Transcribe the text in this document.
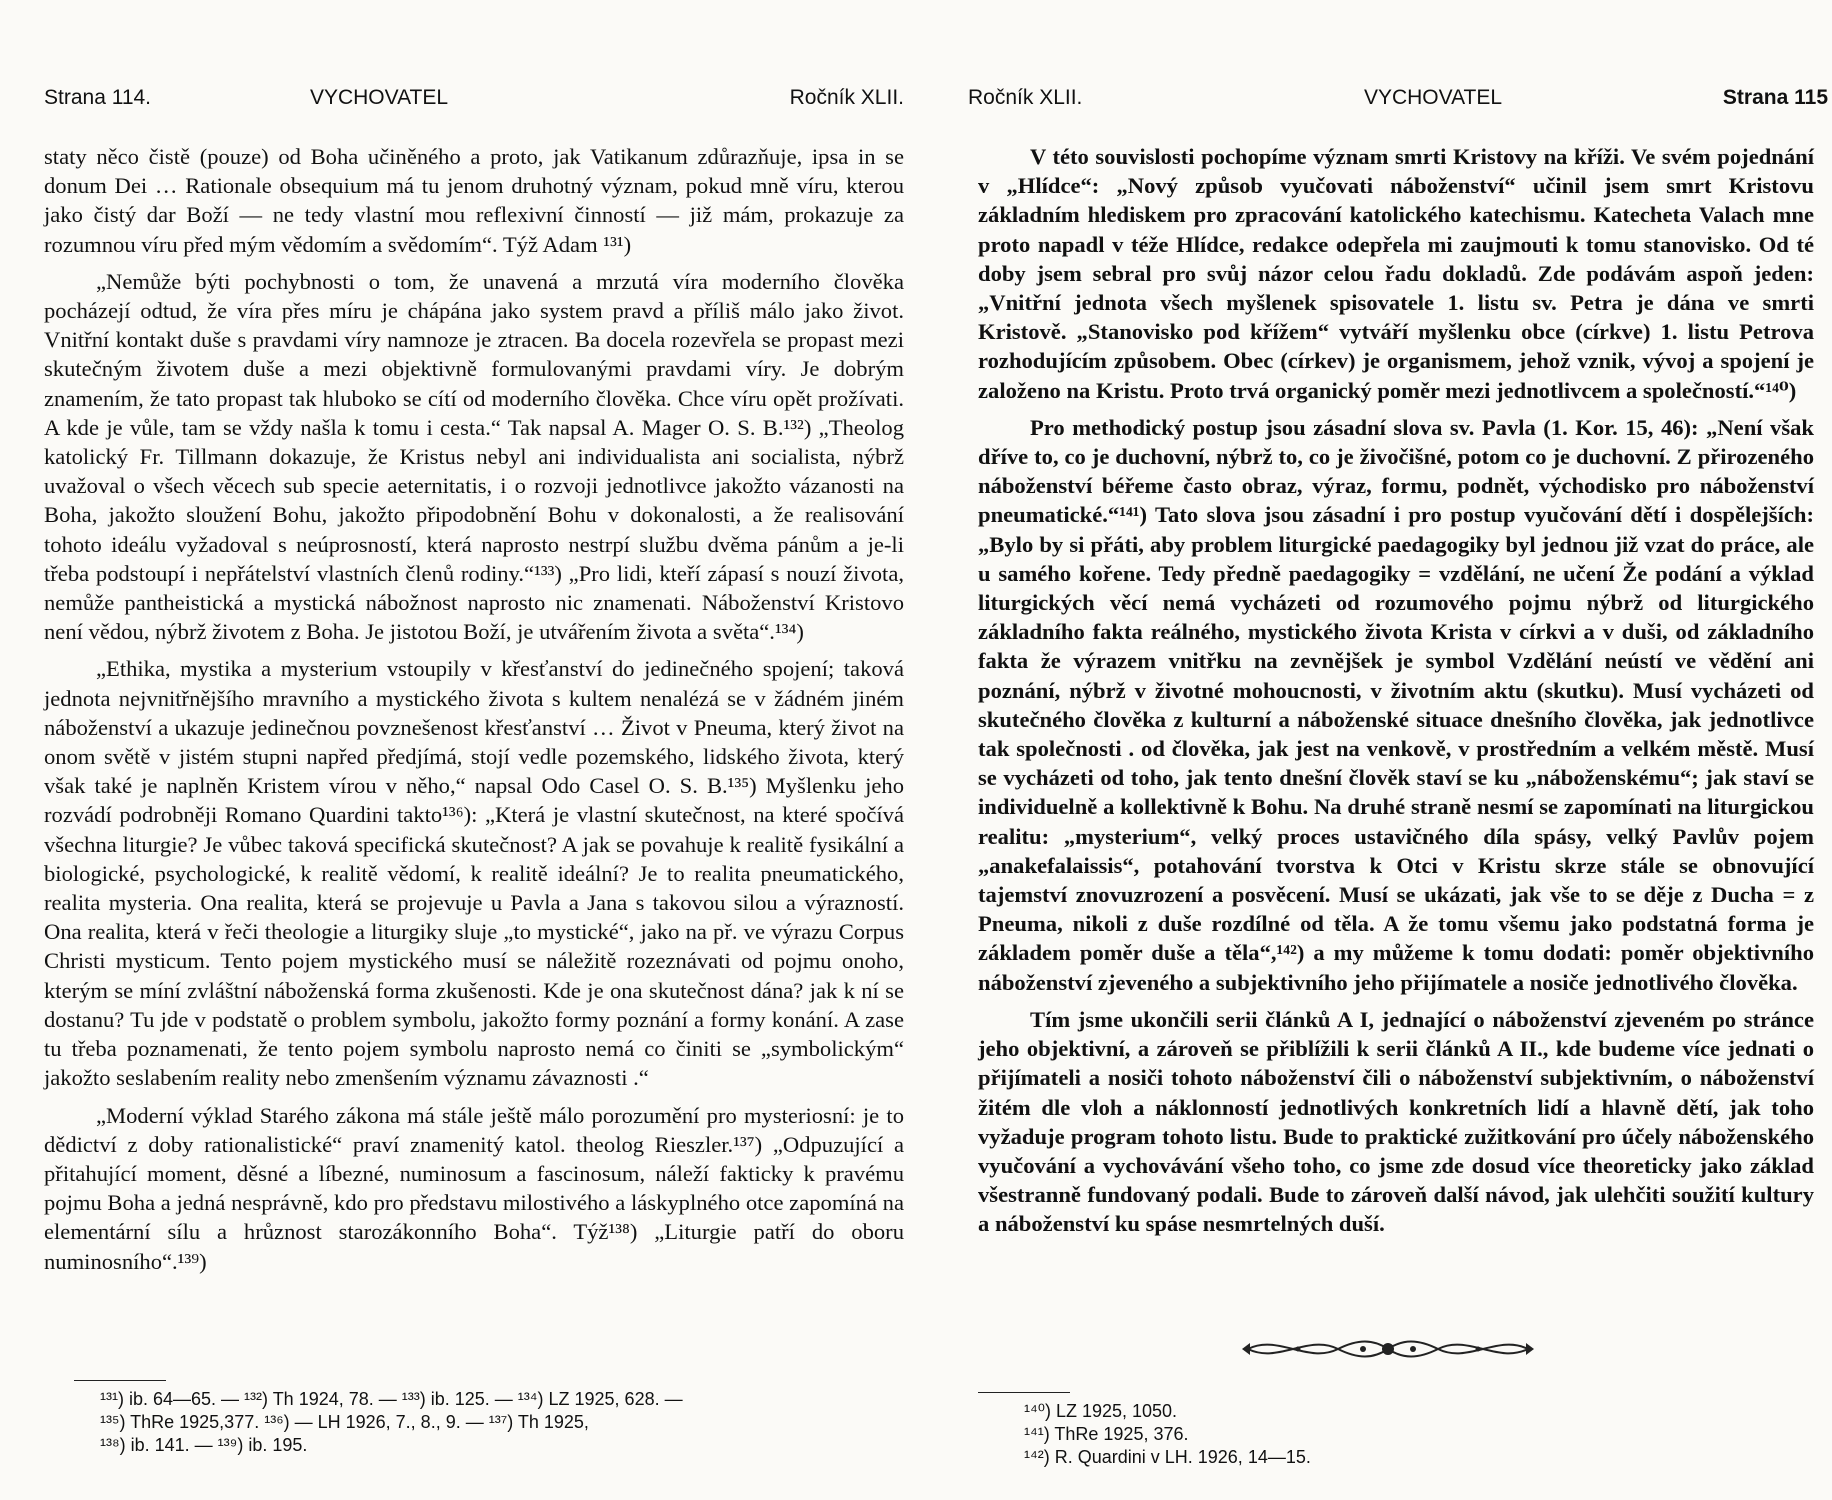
Strana 114.	VYCHOVATEL	Ročník XLII.

staty něco čistě (pouze) od Boha učiněného a proto, jak Vatikanum zdůrazňuje, ipsa in se donum Dei … Rationale obsequium má tu jenom druhotný význam, pokud mně víru, kterou jako čistý dar Boží — ne tedy vlastní mou reflexivní činností — již mám, prokazuje za rozumnou víru před mým vědomím a svědomím“. Týž Adam ¹³¹)

„Nemůže býti pochybnosti o tom, že unavená a mrzutá víra moderního člověka pocházejí odtud, že víra přes míru je chápána jako system pravd a příliš málo jako život. Vnitřní kontakt duše s pravdami víry namnoze je ztracen. Ba docela rozevřela se propast mezi skutečným životem duše a mezi objektivně formulovanými pravdami víry. Je dobrým znamením, že tato propast tak hluboko se cítí od moderního člověka. Chce víru opět prožívati. A kde je vůle, tam se vždy našla k tomu i cesta.“ Tak napsal A. Mager O. S. B.¹³²) „Theolog katolický Fr. Tillmann dokazuje, že Kristus nebyl ani individualista ani socialista, nýbrž uvažoval o všech věcech sub specie aeternitatis, i o rozvoji jednotlivce jakožto vázanosti na Boha, jakožto sloužení Bohu, jakožto připodobnění Bohu v dokonalosti, a že realisování tohoto ideálu vyžadoval s neúprosností, která naprosto nestrpí službu dvěma pánům a je-li třeba podstoupí i nepřátelství vlastních členů rodiny.“¹³³) „Pro lidi, kteří zápasí s nouzí života, nemůže pantheistická a mystická nábožnost naprosto nic znamenati. Náboženství Kristovo není vědou, nýbrž životem z Boha. Je jistotou Boží, je utvářením života a světa“.¹³⁴)

„Ethika, mystika a mysterium vstoupily v křesťanství do jedinečného spojení; taková jednota nejvnitřnějšího mravního a mystického života s kultem nenalézá se v žádném jiném náboženství a ukazuje jedinečnou povznešenost křesťanství … Život v Pneuma, který život na onom světě v jistém stupni napřed předjímá, stojí vedle pozemského, lidského života, který však také je naplněn Kristem vírou v něho,“ napsal Odo Casel O. S. B.¹³⁵) Myšlenku jeho rozvádí podrobněji Romano Quardini takto¹³⁶): „Která je vlastní skutečnost, na které spočívá všechna liturgie? Je vůbec taková specifická skutečnost? A jak se povahuje k realitě fysikální a biologické, psychologické, k realitě vědomí, k realitě ideální? Je to realita pneumatického, realita mysteria. Ona realita, která se projevuje u Pavla a Jana s takovou silou a výrazností. Ona realita, která v řeči theologie a liturgiky sluje „to mystické“, jako na př. ve výrazu Corpus Christi mysticum. Tento pojem mystického musí se náležitě rozeznávati od pojmu onoho, kterým se míní zvláštní náboženská forma zkušenosti. Kde je ona skutečnost dána? jak k ní se dostanu? Tu jde v podstatě o problem symbolu, jakožto formy poznání a formy konání. A zase tu třeba poznamenati, že tento pojem symbolu naprosto nemá co činiti se „symbolickým“ jakožto seslabením reality nebo zmenšením významu závaznosti .“

„Moderní výklad Starého zákona má stále ještě málo porozumění pro mysteriosní: je to dědictví z doby rationalistické“ praví znamenitý katol. theolog Rieszler.¹³⁷) „Odpuzující a přitahující moment, děsné a líbezné, numinosum a fascinosum, náleží fakticky k pravému pojmu Boha a jedná nesprávně, kdo pro představu milostivého a láskyplného otce zapomíná na elementární sílu a hrůznost starozákonního Boha“. Týž¹³⁸) „Liturgie patří do oboru numinosního“.¹³⁹)

¹³¹) ib. 64—65. — ¹³²) Th 1924, 78. — ¹³³) ib. 125. — ¹³⁴) LZ 1925, 628. —
¹³⁵) ThRe 1925,377. ¹³⁶) — LH 1926, 7., 8., 9. — ¹³⁷) Th 1925,
¹³⁸) ib. 141. — ¹³⁹) ib. 195.
Ročník XLII.	VYCHOVATEL	Strana 115

V této souvislosti pochopíme význam smrti Kristovy na kříži. Ve svém pojednání v „Hlídce“: „Nový způsob vyučovati náboženství“ učinil jsem smrt Kristovu základním hlediskem pro zpracování katolického katechismu. Katecheta Valach mne proto napadl v téže Hlídce, redakce odepřela mi zaujmouti k tomu stanovisko. Od té doby jsem sebral pro svůj názor celou řadu dokladů. Zde podávám aspoň jeden: „Vnitřní jednota všech myšlenek spisovatele 1. listu sv. Petra je dána ve smrti Kristově. „Stanovisko pod křížem“ vytváří myšlenku obce (církve) 1. listu Petrova rozhodujícím způsobem. Obec (církev) je organismem, jehož vznik, vývoj a spojení je založeno na Kristu. Proto trvá organický poměr mezi jednotlivcem a společností.“¹⁴⁰)

Pro methodický postup jsou zásadní slova sv. Pavla (1. Kor. 15, 46): „Není však dříve to, co je duchovní, nýbrž to, co je živočišné, potom co je duchovní. Z přirozeného náboženství béřeme často obraz, výraz, formu, podnět, východisko pro náboženství pneumatické.“¹⁴¹) Tato slova jsou zásadní i pro postup vyučování dětí i dospělejších: „Bylo by si přáti, aby problem liturgické paedagogiky byl jednou již vzat do práce, ale u samého kořene. Tedy předně paedagogiky = vzdělání, ne učení Že podání a výklad liturgických věcí nemá vycházeti od rozumového pojmu nýbrž od liturgického základního fakta reálného, mystického života Krista v církvi a v duši, od základního fakta že výrazem vnitřku na zevnějšek je symbol Vzdělání neústí ve vědění ani poznání, nýbrž v životné mohoucnosti, v životním aktu (skutku). Musí vycházeti od skutečného člověka z kulturní a náboženské situace dnešního člověka, jak jednotlivce tak společnosti . od člověka, jak jest na venkově, v prostředním a velkém městě. Musí se vycházeti od toho, jak tento dnešní člověk staví se ku „náboženskému“; jak staví se individuelně a kollektivně k Bohu. Na druhé straně nesmí se zapomínati na liturgickou realitu: „mysterium“, velký proces ustavičného díla spásy, velký Pavlův pojem „anakefalaissis“, potahování tvorstva k Otci v Kristu skrze stále se obnovující tajemství znovuzrození a posvěcení. Musí se ukázati, jak vše to se děje z Ducha = z Pneuma, nikoli z duše rozdílné od těla. A že tomu všemu jako podstatná forma je základem poměr duše a těla“,¹⁴²) a my můžeme k tomu dodati: poměr objektivního náboženství zjeveného a subjektivního jeho přijímatele a nosiče jednotlivého člověka.

Tím jsme ukončili serii článků A I, jednající o náboženství zjeveném po stránce jeho objektivní, a zároveň se přiblížili k serii článků A II., kde budeme více jednati o přijímateli a nosiči tohoto náboženství čili o náboženství subjektivním, o náboženství žitém dle vloh a náklonností jednotlivých konkretních lidí a hlavně dětí, jak toho vyžaduje program tohoto listu. Bude to praktické zužitkování pro účely náboženského vyučování a vychovávání všeho toho, co jsme zde dosud více theoreticky jako základ všestranně fundovaný podali. Bude to zároveň další návod, jak ulehčiti soužití kultury a náboženství ku spáse nesmrtelných duší.

¹⁴⁰) LZ 1925, 1050.
¹⁴¹) ThRe 1925, 376.
¹⁴²) R. Quardini v LH. 1926, 14—15.
